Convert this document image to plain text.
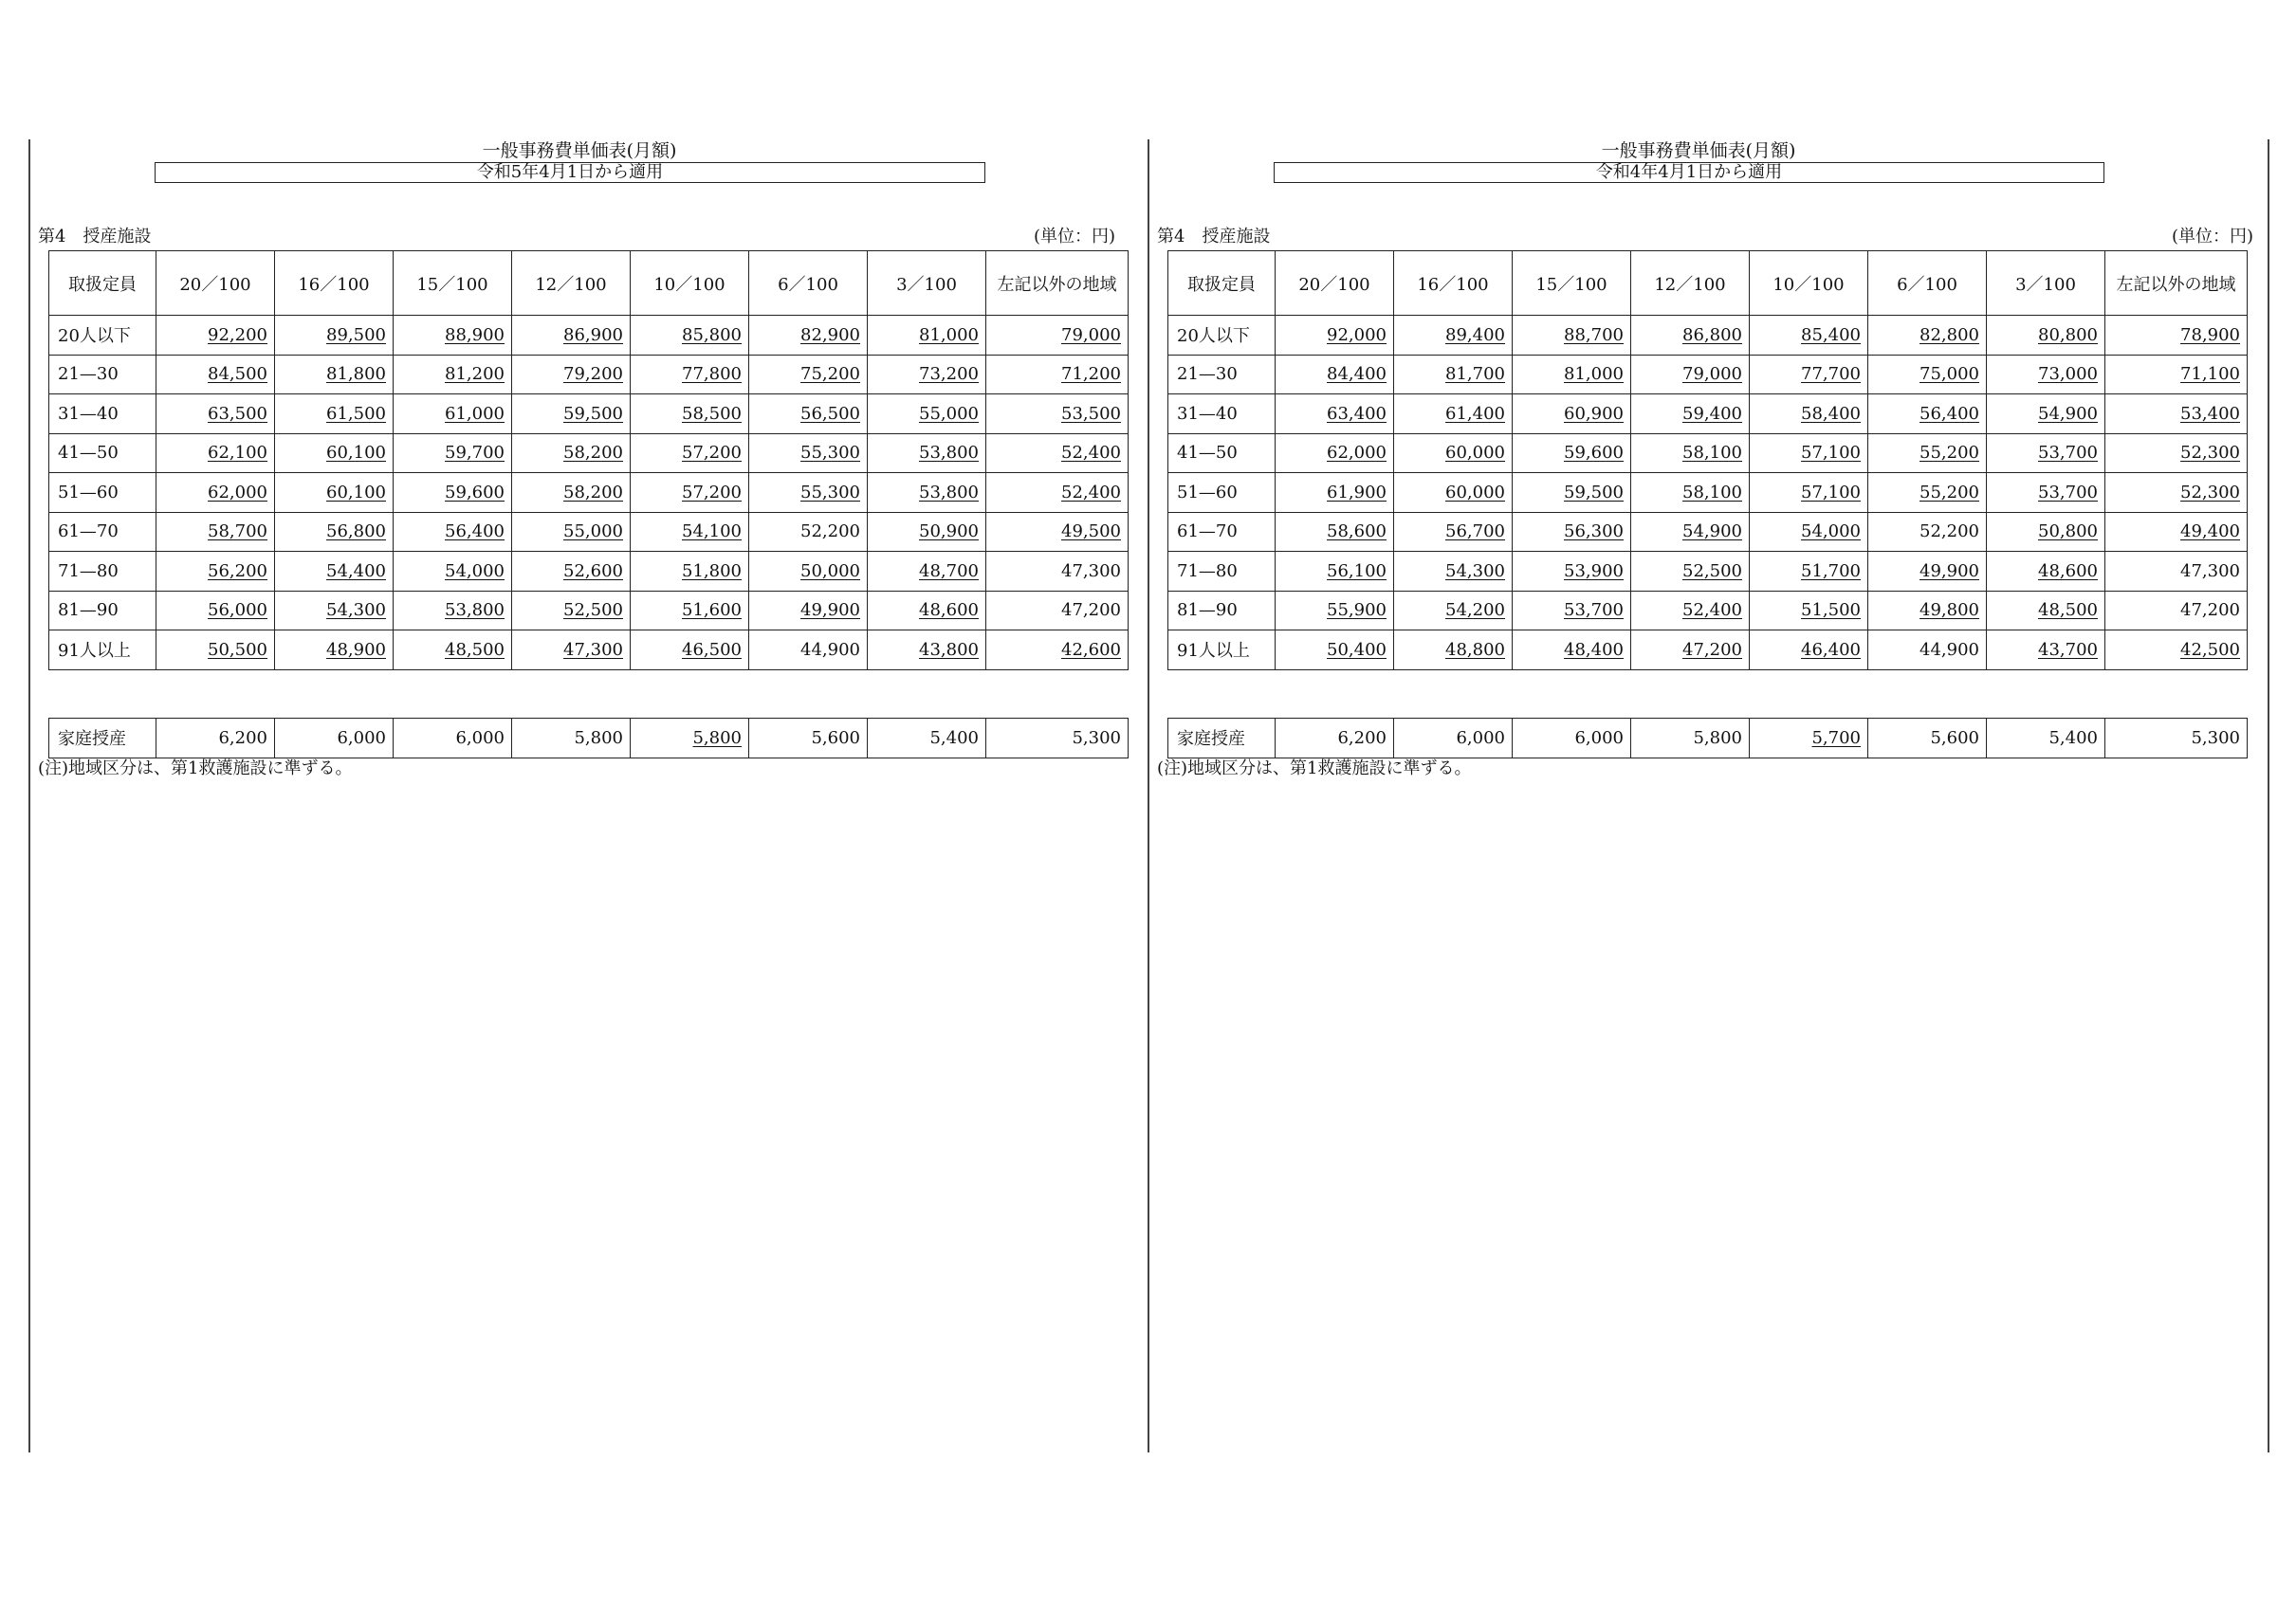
一般事務費単価表(月額)
令和5年4月1日から適用
第4　授産施設	(単位：円)
取扱定員	20／100	16／100	15／100	12／100	10／100	6／100	3／100	左記以外の地域
20人以下	92,200	89,500	88,900	86,900	85,800	82,900	81,000	79,000
21—30	84,500	81,800	81,200	79,200	77,800	75,200	73,200	71,200
31—40	63,500	61,500	61,000	59,500	58,500	56,500	55,000	53,500
41—50	62,100	60,100	59,700	58,200	57,200	55,300	53,800	52,400
51—60	62,000	60,100	59,600	58,200	57,200	55,300	53,800	52,400
61—70	58,700	56,800	56,400	55,000	54,100	52,200	50,900	49,500
71—80	56,200	54,400	54,000	52,600	51,800	50,000	48,700	47,300
81—90	56,000	54,300	53,800	52,500	51,600	49,900	48,600	47,200
91人以上	50,500	48,900	48,500	47,300	46,500	44,900	43,800	42,600
家庭授産	6,200	6,000	6,000	5,800	5,800	5,600	5,400	5,300
(注)地域区分は、第1救護施設に準ずる。
一般事務費単価表(月額)
令和4年4月1日から適用
第4　授産施設	(単位：円)
取扱定員	20／100	16／100	15／100	12／100	10／100	6／100	3／100	左記以外の地域
20人以下	92,000	89,400	88,700	86,800	85,400	82,800	80,800	78,900
21—30	84,400	81,700	81,000	79,000	77,700	75,000	73,000	71,100
31—40	63,400	61,400	60,900	59,400	58,400	56,400	54,900	53,400
41—50	62,000	60,000	59,600	58,100	57,100	55,200	53,700	52,300
51—60	61,900	60,000	59,500	58,100	57,100	55,200	53,700	52,300
61—70	58,600	56,700	56,300	54,900	54,000	52,200	50,800	49,400
71—80	56,100	54,300	53,900	52,500	51,700	49,900	48,600	47,300
81—90	55,900	54,200	53,700	52,400	51,500	49,800	48,500	47,200
91人以上	50,400	48,800	48,400	47,200	46,400	44,900	43,700	42,500
家庭授産	6,200	6,000	6,000	5,800	5,700	5,600	5,400	5,300
(注)地域区分は、第1救護施設に準ずる。
